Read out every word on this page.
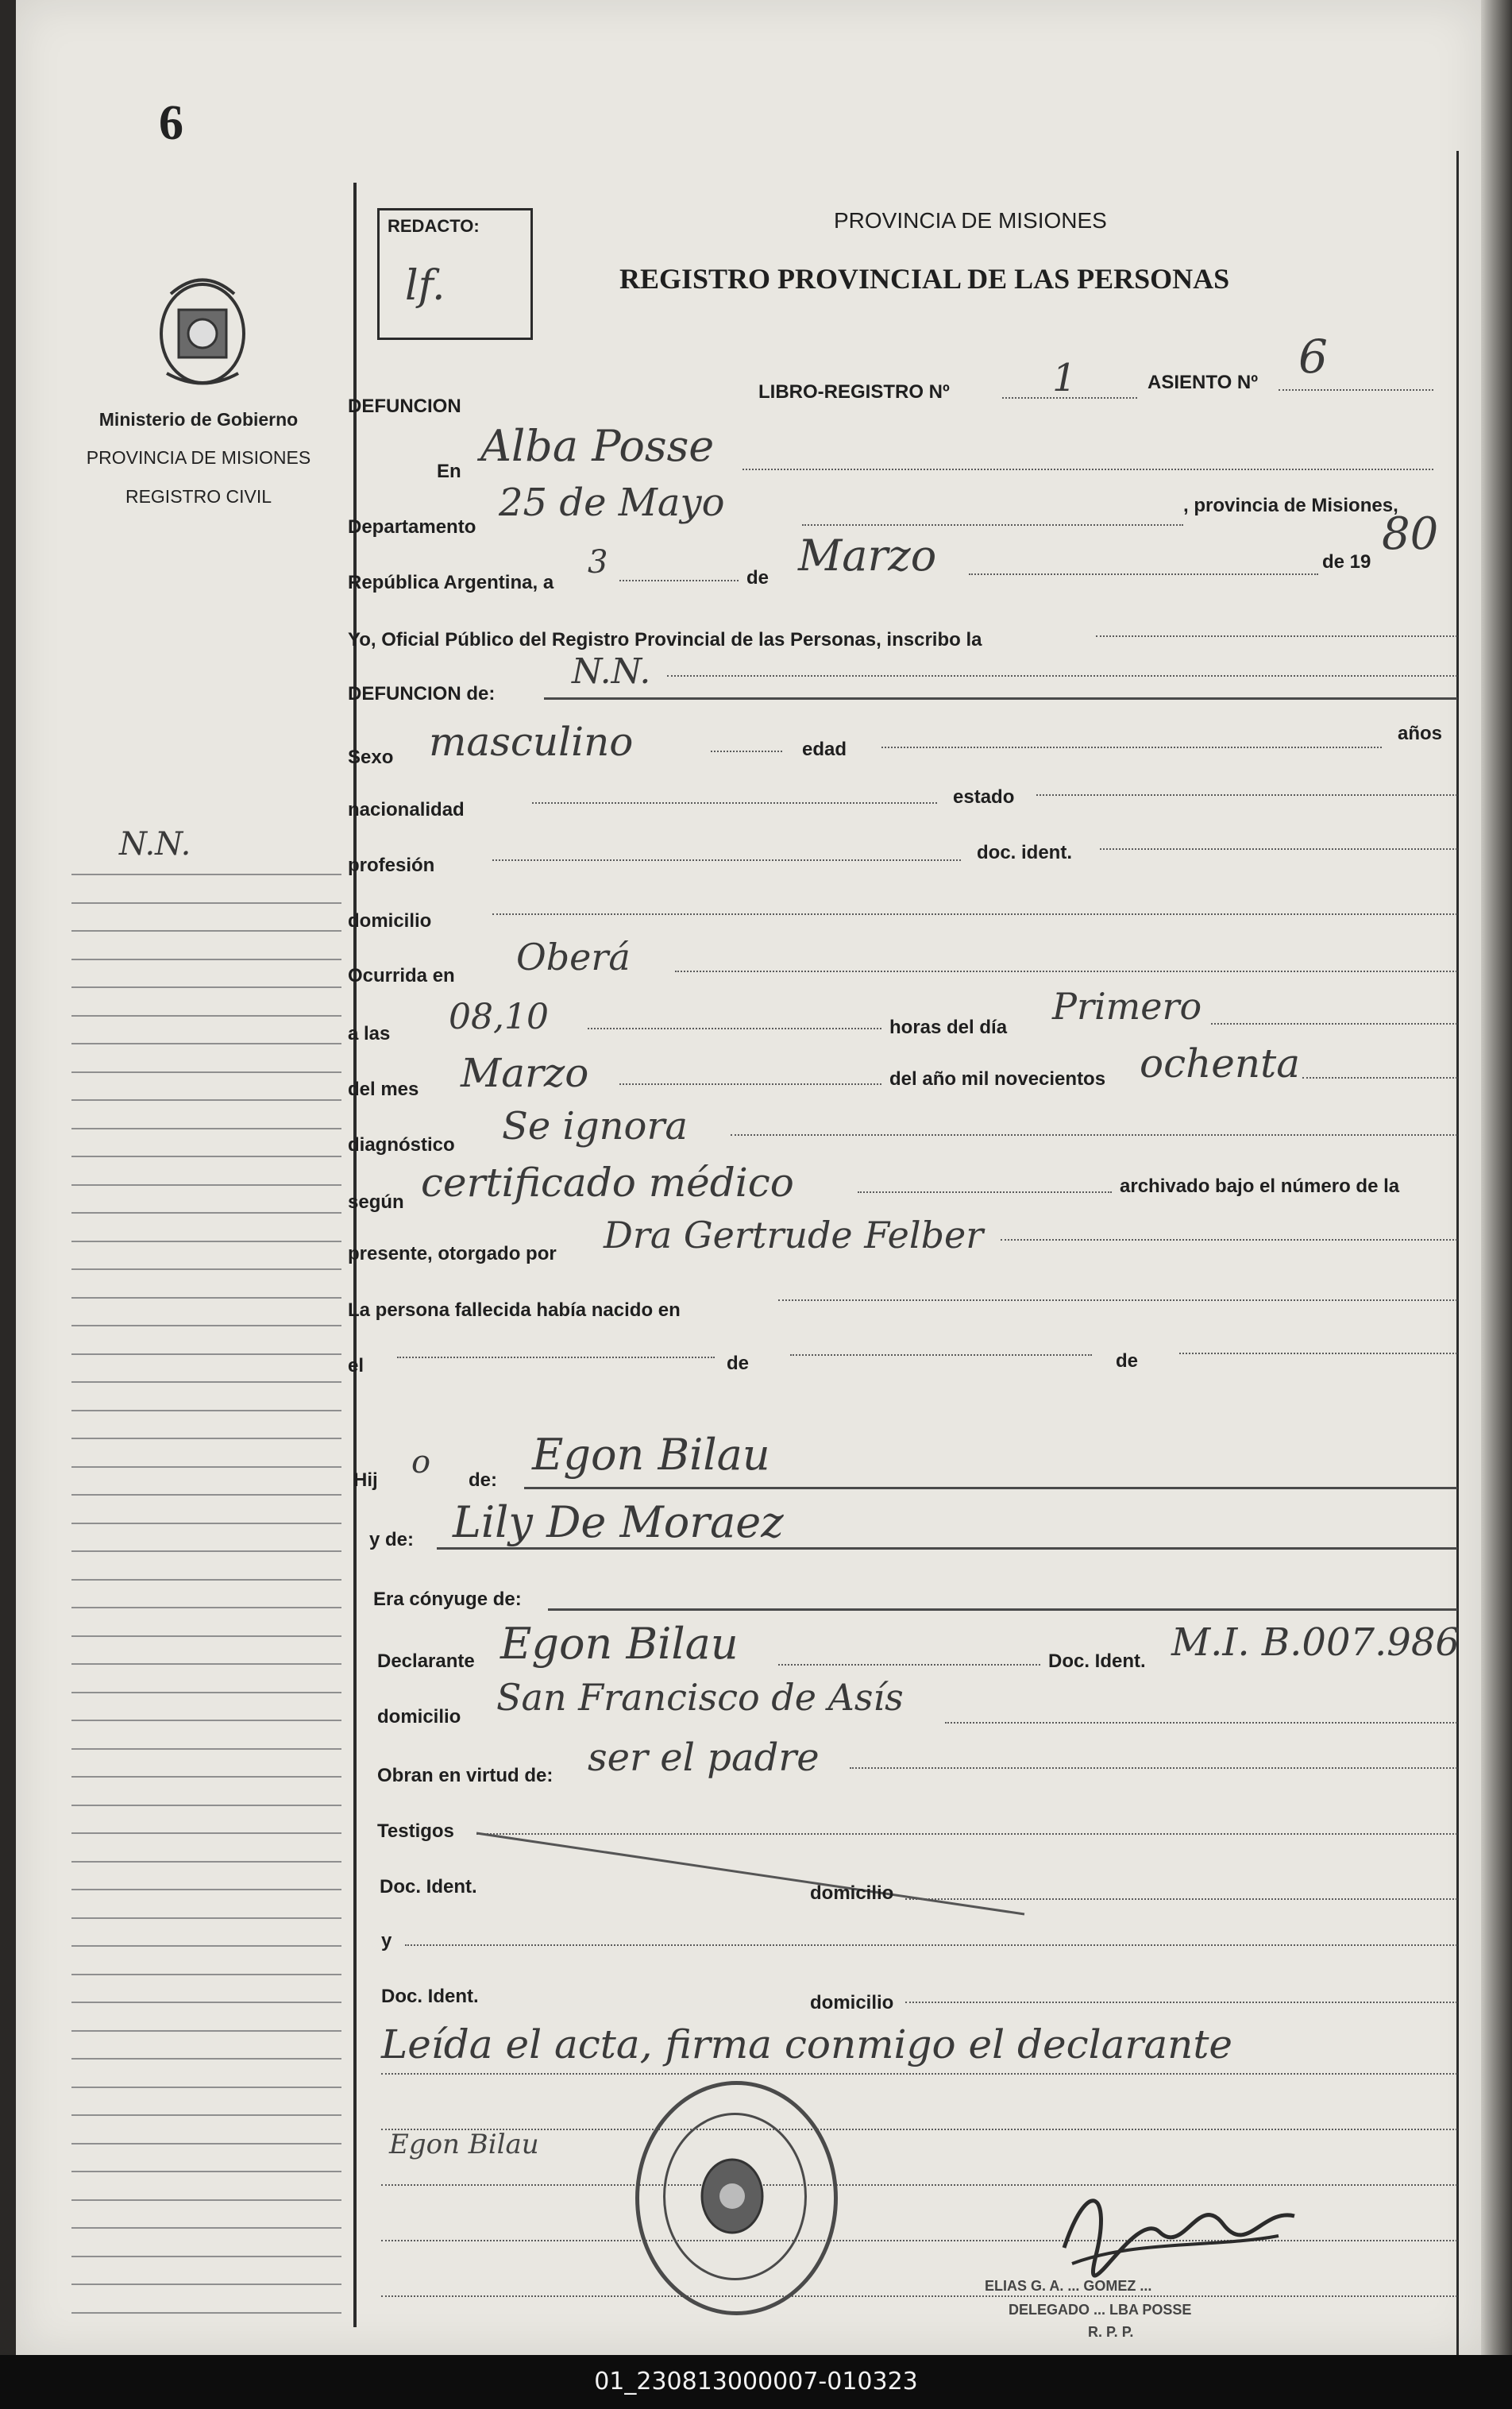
6
Ministerio de Gobierno
PROVINCIA DE MISIONES
REGISTRO CIVIL
N.N.
REDACTO:
lf.
PROVINCIA DE MISIONES
REGISTRO PROVINCIAL DE LAS PERSONAS
DEFUNCION
LIBRO-REGISTRO Nº	1	ASIENTO Nº 6
En
Alba Posse
Departamento
25 de Mayo	, provincia de Misiones,
República Argentina, a
3	de Marzo	de 19
80
Yo, Oficial Público del Registro Provincial de las Personas, inscribo la
DEFUNCION de:
N.N.
Sexo masculino	edad
años
nacionalidad
estado
profesión
doc. ident.
domicilio
Ocurrida en Oberá
a las 08,10	horas del día Primero
del mes Marzo	del año mil novecientos ochenta
diagnóstico Se ignora
según certificado médico	archivado bajo el número de la
presente, otorgado por Dra Gertrude Felber
La persona fallecida había nacido en
el	de	de
Hij o de:
Egon Bilau
y de: Lily De Moraez
Era cónyuge de:
Declarante Egon Bilau	Doc. Ident. M.I. B.007.986
domicilio San Francisco de Asís
Obran en virtud de: ser el padre
Testigos
Doc. Ident.	domicilio
y
Doc. Ident.	domicilio
Leída el acta, firma conmigo el declarante
Egon Bilau
ELIAS G. A. ... GOMEZ ...
DELEGADO ... LBA POSSE
R. P. P.
01_230813000007-010323
